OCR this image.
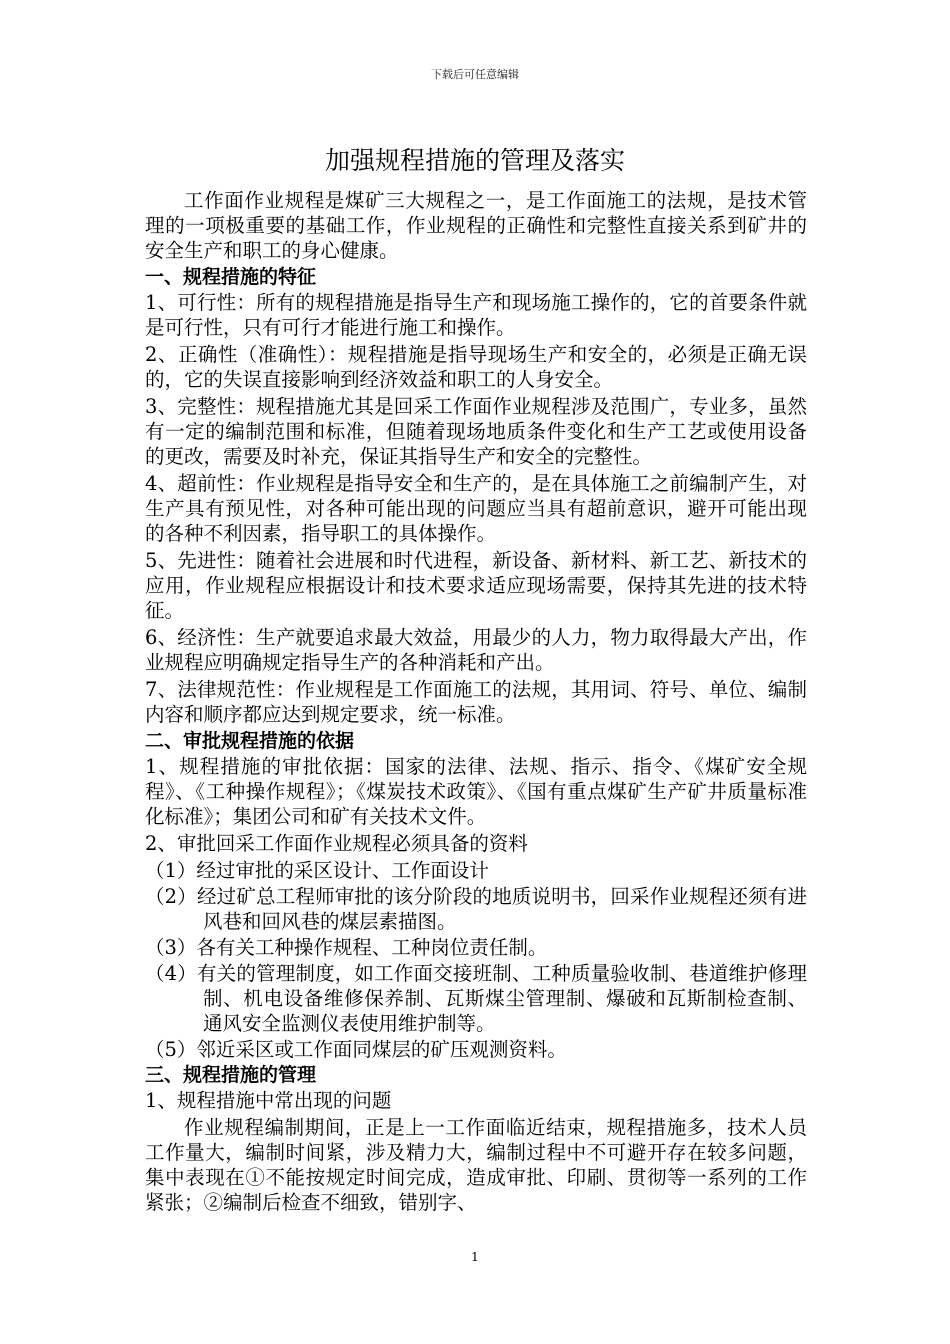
下载后可任意编辑
加强规程措施的管理及落实

工作面作业规程是煤矿三大规程之一，是工作面施工的法规，是技术管理的一项极重要的基础工作，作业规程的正确性和完整性直接关系到矿井的安全生产和职工的身心健康。

一、规程措施的特征

1、可行性：所有的规程措施是指导生产和现场施工操作的，它的首要条件就是可行性，只有可行才能进行施工和操作。

2、正确性（准确性）：规程措施是指导现场生产和安全的，必须是正确无误的，它的失误直接影响到经济效益和职工的人身安全。

3、完整性：规程措施尤其是回采工作面作业规程涉及范围广，专业多，虽然有一定的编制范围和标准，但随着现场地质条件变化和生产工艺或使用设备的更改，需要及时补充，保证其指导生产和安全的完整性。

4、超前性：作业规程是指导安全和生产的，是在具体施工之前编制产生，对生产具有预见性，对各种可能出现的问题应当具有超前意识，避开可能出现的各种不利因素，指导职工的具体操作。

5、先进性：随着社会进展和时代进程，新设备、新材料、新工艺、新技术的应用，作业规程应根据设计和技术要求适应现场需要，保持其先进的技术特征。

6、经济性：生产就要追求最大效益，用最少的人力，物力取得最大产出，作业规程应明确规定指导生产的各种消耗和产出。

7、法律规范性：作业规程是工作面施工的法规，其用词、符号、单位、编制内容和顺序都应达到规定要求，统一标准。

二、审批规程措施的依据

1、规程措施的审批依据：国家的法律、法规、指示、指令、《煤矿安全规程》、《工种操作规程》；《煤炭技术政策》、《国有重点煤矿生产矿井质量标准化标准》；集团公司和矿有关技术文件。

2、审批回采工作面作业规程必须具备的资料

（1）经过审批的采区设计、工作面设计

（2）经过矿总工程师审批的该分阶段的地质说明书，回采作业规程还须有进风巷和回风巷的煤层素描图。

（3）各有关工种操作规程、工种岗位责任制。

（4）有关的管理制度，如工作面交接班制、工种质量验收制、巷道维护修理制、机电设备维修保养制、瓦斯煤尘管理制、爆破和瓦斯制检查制、通风安全监测仪表使用维护制等。

（5）邻近采区或工作面同煤层的矿压观测资料。

三、规程措施的管理

1、规程措施中常出现的问题

作业规程编制期间，正是上一工作面临近结束，规程措施多，技术人员工作量大，编制时间紧，涉及精力大，编制过程中不可避开存在较多问题，集中表现在①不能按规定时间完成，造成审批、印刷、贯彻等一系列的工作紧张；②编制后检查不细致，错别字、

1
